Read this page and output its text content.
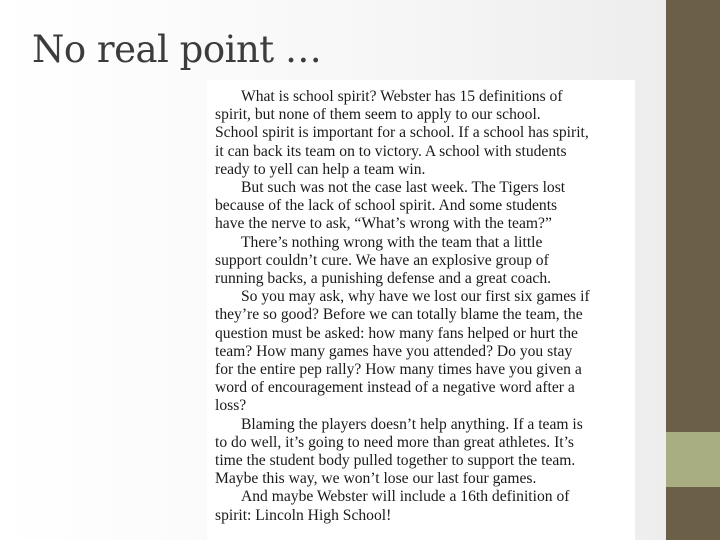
No real point …

What is school spirit? Webster has 15 definitions of
spirit, but none of them seem to apply to our school.
School spirit is important for a school. If a school has spirit,
it can back its team on to victory. A school with students
ready to yell can help a team win.

But such was not the case last week. The Tigers lost
because of the lack of school spirit. And some students
have the nerve to ask, “What’s wrong with the team?”

There’s nothing wrong with the team that a little
support couldn’t cure. We have an explosive group of
running backs, a punishing defense and a great coach.

So you may ask, why have we lost our first six games if
they’re so good? Before we can totally blame the team, the
question must be asked: how many fans helped or hurt the
team? How many games have you attended? Do you stay
for the entire pep rally? How many times have you given a
word of encouragement instead of a negative word after a
loss?

Blaming the players doesn’t help anything. If a team is
to do well, it’s going to need more than great athletes. It’s
time the student body pulled together to support the team.
Maybe this way, we won’t lose our last four games.

And maybe Webster will include a 16th definition of
spirit: Lincoln High School!
